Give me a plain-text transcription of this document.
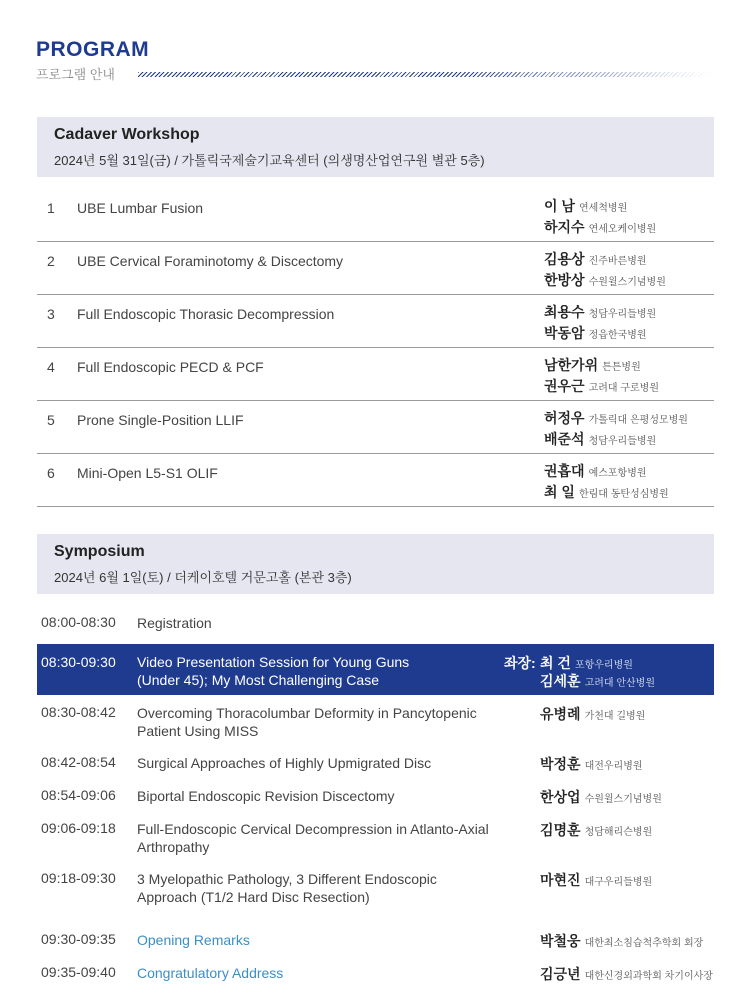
PROGRAM
프로그램 안내
Cadaver Workshop
2024년 5월 31일(금) / 가톨릭국제술기교육센터 (의생명산업연구원 별관 5층)
1 UBE Lumbar Fusion	이 남 연세척병원
하지수 연세오케이병원
2 UBE Cervical Foraminotomy & Discectomy	김용상 진주바른병원
한방상 수원윌스기념병원
3 Full Endoscopic Thorasic Decompression	최용수 청담우리들병원
박동암 정읍한국병원
4 Full Endoscopic PECD & PCF	남한가위 튼튼병원
권우근 고려대 구로병원
5 Prone Single-Position LLIF	허정우 가톨릭대 은평성모병원
배준석 청담우리들병원
6 Mini-Open L5-S1 OLIF	권흡대 예스포항병원
최 일 한림대 동탄성심병원
Symposium
2024년 6월 1일(토) / 더케이호텔 거문고홀 (본관 3층)
08:00-08:30 Registration
08:30-09:30 Video Presentation Session for Young Guns
(Under 45); My Most Challenging Case
좌장: 최 건 포항우리병원
김세훈 고려대 안산병원
08:30-08:42 Overcoming Thoracolumbar Deformity in Pancytopenic Patient Using MISS
유병례 가천대 길병원
08:42-08:54 Surgical Approaches of Highly Upmigrated Disc	박정훈 대전우리병원
08:54-09:06 Biportal Endoscopic Revision Discectomy	한상업 수원윌스기념병원
09:06-09:18 Full-Endoscopic Cervical Decompression in Atlanto-Axial Arthropathy
김명훈 청담해리슨병원
09:18-09:30 3 Myelopathic Pathology, 3 Different Endoscopic Approach (T1/2 Hard Disc Resection)
마현진 대구우리들병원
09:30-09:35 Opening Remarks	박철웅 대한최소침습척추학회 회장
09:35-09:40 Congratulatory Address	김긍년 대한신경외과학회 차기이사장
